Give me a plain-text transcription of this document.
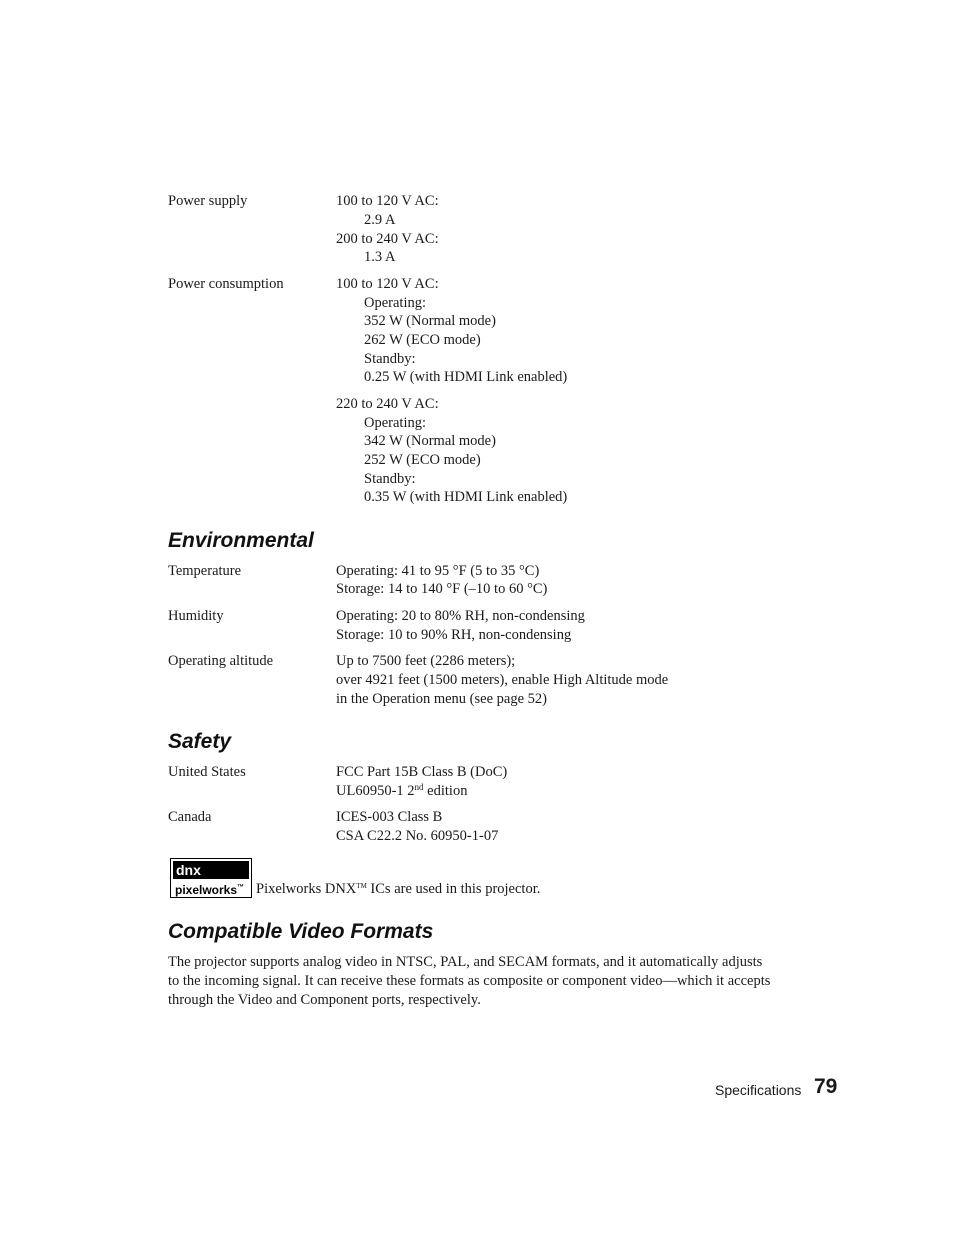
Power supply	100 to 120 V AC:
2.9 A
200 to 240 V AC:
1.3 A
Power consumption	100 to 120 V AC:
Operating:
352 W (Normal mode)
262 W (ECO mode)
Standby:
0.25 W (with HDMI Link enabled)
220 to 240 V AC:
Operating:
342 W (Normal mode)
252 W (ECO mode)
Standby:
0.35 W (with HDMI Link enabled)
Environmental
Temperature	Operating: 41 to 95 °F (5 to 35 °C)
Storage: 14 to 140 °F (–10 to 60 °C)
Humidity	Operating: 20 to 80% RH, non-condensing
Storage: 10 to 90% RH, non-condensing
Operating altitude	Up to 7500 feet (2286 meters);
over 4921 feet (1500 meters), enable High Altitude mode
in the Operation menu (see page 52)
Safety
United States	FCC Part 15B Class B (DoC)
UL60950-1 2nd edition
Canada	ICES-003 Class B
CSA C22.2 No. 60950-1-07
dnx
pixelworks™ Pixelworks DNX™ ICs are used in this projector.
Compatible Video Formats
The projector supports analog video in NTSC, PAL, and SECAM formats, and it automatically adjusts
to the incoming signal. It can receive these formats as composite or component video—which it accepts
through the Video and Component ports, respectively.
Specifications 79
